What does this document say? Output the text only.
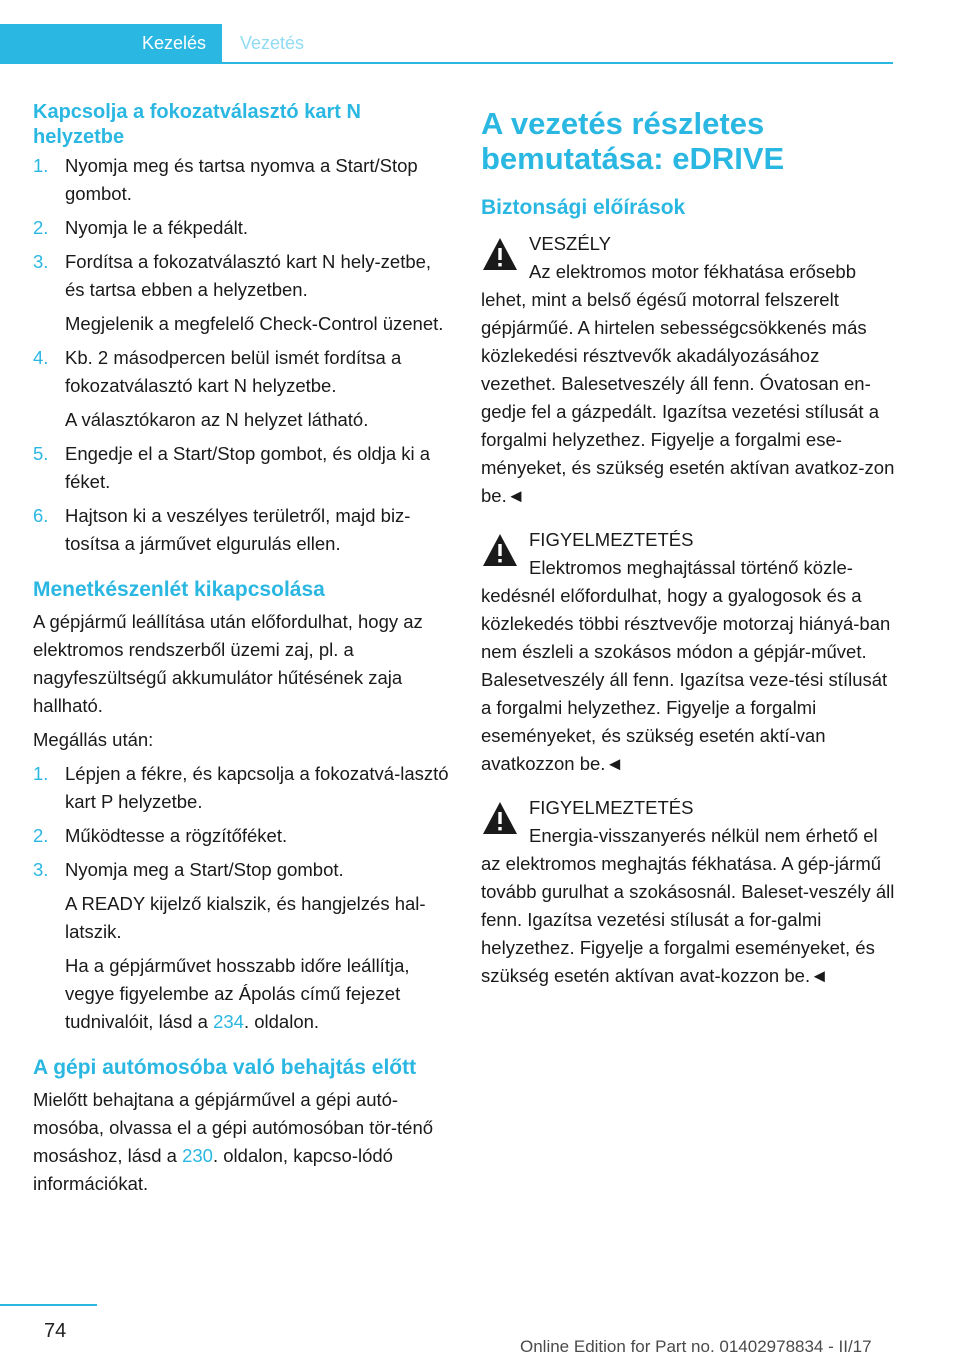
Kezelés	Vezetés
Kapcsolja a fokozatválasztó kart N helyzetbe
1. Nyomja meg és tartsa nyomva a Start/Stop gombot.
2. Nyomja le a fékpedált.
3. Fordítsa a fokozatválasztó kart N hely-zetbe, és tartsa ebben a helyzetben.
Megjelenik a megfelelő Check-Control üzenet.
4. Kb. 2 másodpercen belül ismét fordítsa a fokozatválasztó kart N helyzetbe.
A választókaron az N helyzet látható.
5. Engedje el a Start/Stop gombot, és oldja ki a féket.
6. Hajtson ki a veszélyes területről, majd biz-tosítsa a járművet elgurulás ellen.
Menetkészenlét kikapcsolása

A gépjármű leállítása után előfordulhat, hogy az elektromos rendszerből üzemi zaj, pl. a nagyfeszültségű akkumulátor hűtésének zaja hallható.

Megállás után:

1. Lépjen a fékre, és kapcsolja a fokozatvá-lasztó kart P helyzetbe.
2. Működtesse a rögzítőféket.
3. Nyomja meg a Start/Stop gombot.
A READY kijelző kialszik, és hangjelzés hal-latszik.
Ha a gépjárművet hosszabb időre leállítja, vegye figyelembe az Ápolás című fejezet tudnivalóit, lásd a 234. oldalon.
A gépi autómosóba való behajtás előtt

Mielőtt behajtana a gépjárművel a gépi autó-mosóba, olvassa el a gépi autómosóban tör-ténő mosáshoz, lásd a 230. oldalon, kapcso-lódó információkat.

A vezetés részletes bemutatása: eDRIVE
Biztonsági előírások
VESZÉLY
Az elektromos motor fékhatása erősebb lehet, mint a belső égésű motorral felszerelt gépjárműé. A hirtelen sebességcsökkenés más közlekedési résztvevők akadályozásához vezethet. Balesetveszély áll fenn. Óvatosan en-gedje fel a gázpedált. Igazítsa vezetési stílusát a forgalmi helyzethez. Figyelje a forgalmi ese-ményeket, és szükség esetén aktívan avatkoz-zon be.◄
FIGYELMEZTETÉS
Elektromos meghajtással történő közle-kedésnél előfordulhat, hogy a gyalogosok és a közlekedés többi résztvevője motorzaj hiányá-ban nem észleli a szokásos módon a gépjár-művet. Balesetveszély áll fenn. Igazítsa veze-tési stílusát a forgalmi helyzethez. Figyelje a forgalmi eseményeket, és szükség esetén aktí-van avatkozzon be.◄
FIGYELMEZTETÉS
Energia-visszanyerés nélkül nem érhető el az elektromos meghajtás fékhatása. A gép-jármű tovább gurulhat a szokásosnál. Baleset-veszély áll fenn. Igazítsa vezetési stílusát a for-galmi helyzethez. Figyelje a forgalmi eseményeket, és szükség esetén aktívan avat-kozzon be.◄
74
Online Edition for Part no. 01402978834 - II/17
